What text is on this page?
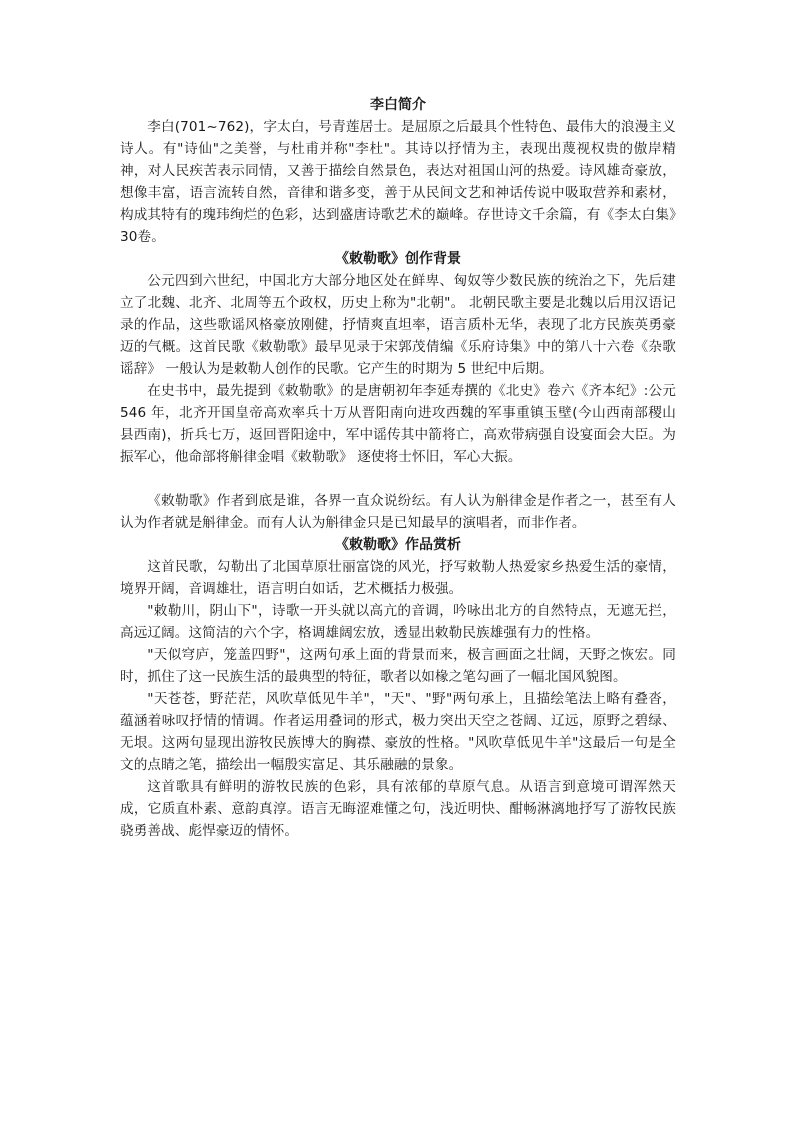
李白简介

李白(701~762)，字太白，号青莲居士。是屈原之后最具个性特色、最伟大的浪漫主义诗人。有"诗仙"之美誉，与杜甫并称"李杜"。其诗以抒情为主，表现出蔑视权贵的傲岸精神，对人民疾苦表示同情，又善于描绘自然景色，表达对祖国山河的热爱。诗风雄奇豪放，想像丰富，语言流转自然，音律和谐多变，善于从民间文艺和神话传说中吸取营养和素材，构成其特有的瑰玮绚烂的色彩，达到盛唐诗歌艺术的巅峰。存世诗文千余篇，有《李太白集》30卷。

《敕勒歌》创作背景

公元四到六世纪，中国北方大部分地区处在鲜卑、匈奴等少数民族的统治之下，先后建立了北魏、北齐、北周等五个政权，历史上称为"北朝"。 北朝民歌主要是北魏以后用汉语记录的作品，这些歌谣风格豪放刚健，抒情爽直坦率，语言质朴无华，表现了北方民族英勇豪迈的气概。这首民歌《敕勒歌》最早见录于宋郭茂倩编《乐府诗集》中的第八十六卷《杂歌谣辞》 一般认为是敕勒人创作的民歌。它产生的时期为 5 世纪中后期。

在史书中，最先提到《敕勒歌》的是唐朝初年李延寿撰的《北史》卷六《齐本纪》:公元 546 年，北齐开国皇帝高欢率兵十万从晋阳南向进攻西魏的军事重镇玉壁(今山西南部稷山县西南)，折兵七万，返回晋阳途中，军中谣传其中箭将亡，高欢带病强自设宴面会大臣。为振军心，他命部将斛律金唱《敕勒歌》 逐使将士怀旧，军心大振。

《敕勒歌》作者到底是谁，各界一直众说纷纭。有人认为斛律金是作者之一，甚至有人认为作者就是斛律金。而有人认为斛律金只是已知最早的演唱者，而非作者。

《敕勒歌》作品赏析

这首民歌，勾勒出了北国草原壮丽富饶的风光，抒写敕勒人热爱家乡热爱生活的豪情，境界开阔，音调雄壮，语言明白如话，艺术概括力极强。

"敕勒川，阴山下"，诗歌一开头就以高亢的音调，吟咏出北方的自然特点，无遮无拦，高远辽阔。这简洁的六个字，格调雄阔宏放，透显出敕勒民族雄强有力的性格。

"天似穹庐，笼盖四野"，这两句承上面的背景而来，极言画面之壮阔，天野之恢宏。同时，抓住了这一民族生活的最典型的特征，歌者以如椽之笔勾画了一幅北国风貌图。

"天苍苍，野茫茫，风吹草低见牛羊"，"天"、"野"两句承上，且描绘笔法上略有叠沓，蕴涵着咏叹抒情的情调。作者运用叠词的形式，极力突出天空之苍阔、辽远，原野之碧绿、无垠。这两句显现出游牧民族博大的胸襟、豪放的性格。"风吹草低见牛羊"这最后一句是全文的点睛之笔，描绘出一幅殷实富足、其乐融融的景象。

这首歌具有鲜明的游牧民族的色彩，具有浓郁的草原气息。从语言到意境可谓浑然天成，它质直朴素、意韵真淳。语言无晦涩难懂之句，浅近明快、酣畅淋漓地抒写了游牧民族骁勇善战、彪悍豪迈的情怀。
